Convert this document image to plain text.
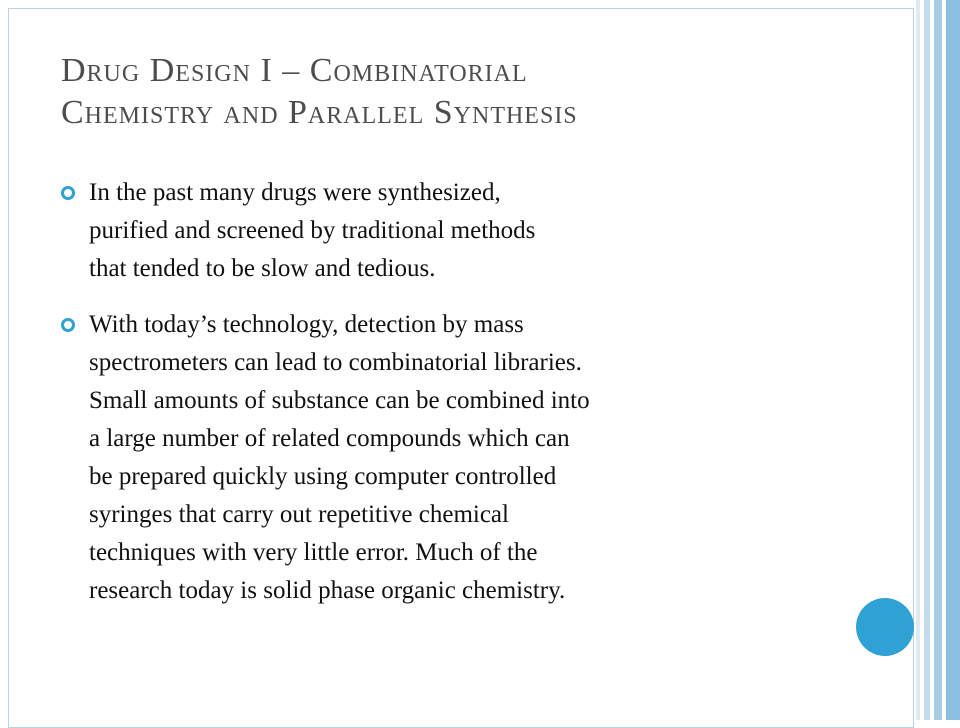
Drug Design I – Combinatorial
Chemistry and Parallel Synthesis
In the past many drugs were synthesized,
purified and screened by traditional methods
that tended to be slow and tedious.
With today’s technology, detection by mass
spectrometers can lead to combinatorial libraries.
Small amounts of substance can be combined into
a large number of related compounds which can
be prepared quickly using computer controlled
syringes that carry out repetitive chemical
techniques with very little error. Much of the
research today is solid phase organic chemistry.
